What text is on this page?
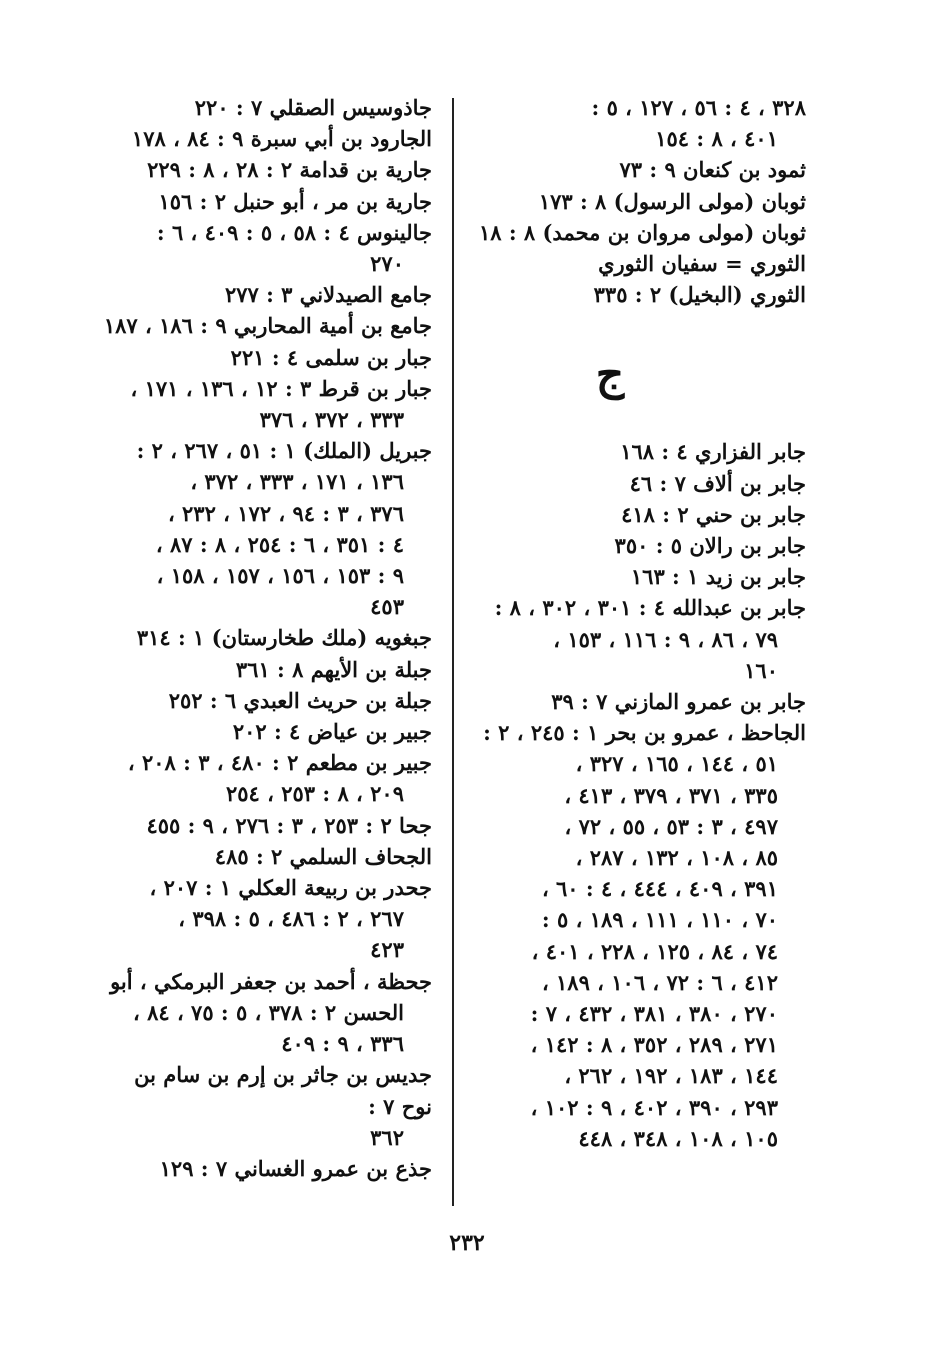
٣٢٨ ، ٤ : ٥٦ ، ١٢٧ ، ٥ :
٤٠١ ، ٨ : ١٥٤
ثمود بن كنعان ٩ : ٧٣
ثوبان (مولى الرسول) ٨ : ١٧٣
ثوبان (مولى مروان بن محمد) ٨ : ١٨
الثوري = سفيان الثوري
الثوري (البخيل) ٢ : ٣٣٥
ج
جابر الفزاري ٤ : ١٦٨
جابر بن ألاف ٧ : ٤٦
جابر بن حني ٢ : ٤١٨
جابر بن رالان ٥ : ٣٥٠
جابر بن زيد ١ : ١٦٣
جابر بن عبدالله ٤ : ٣٠١ ، ٣٠٢ ، ٨ :
٧٩ ، ٨٦ ، ٩ : ١١٦ ، ١٥٣ ،
١٦٠
جابر بن عمرو المازني ٧ : ٣٩
الجاحظ ، عمرو بن بحر ١ : ٢٤٥ ، ٢ :
٥١ ، ١٤٤ ، ١٦٥ ، ٣٢٧ ،
٣٣٥ ، ٣٧١ ، ٣٧٩ ، ٤١٣ ،
٤٩٧ ، ٣ : ٥٣ ، ٥٥ ، ٧٢ ،
٨٥ ، ١٠٨ ، ١٣٢ ، ٢٨٧ ،
٣٩١ ، ٤٠٩ ، ٤٤٤ ، ٤ : ٦٠ ،
٧٠ ، ١١٠ ، ١١١ ، ١٨٩ ، ٥ :
٧٤ ، ٨٤ ، ١٢٥ ، ٢٢٨ ، ٤٠١ ،
٤١٢ ، ٦ : ٧٢ ، ١٠٦ ، ١٨٩ ،
٢٧٠ ، ٣٨٠ ، ٣٨١ ، ٤٣٢ ، ٧ :
٢٧١ ، ٢٨٩ ، ٣٥٢ ، ٨ : ١٤٢ ،
١٤٤ ، ١٨٣ ، ١٩٢ ، ٢٦٢ ،
٢٩٣ ، ٣٩٠ ، ٤٠٢ ، ٩ : ١٠٢ ،
١٠٥ ، ١٠٨ ، ٣٤٨ ، ٤٤٨
جاذوسيس الصقلي ٧ : ٢٢٠
الجارود بن أبي سبرة ٩ : ٨٤ ، ١٧٨
جارية بن قدامة ٢ : ٢٨ ، ٨ : ٢٢٩
جارية بن مر ، أبو حنبل ٢ : ١٥٦
جالينوس ٤ : ٥٨ ، ٥ : ٤٠٩ ، ٦ :
٢٧٠
جامع الصيدلاني ٣ : ٢٧٧
جامع بن أمية المحاربي ٩ : ١٨٦ ، ١٨٧
جبار بن سلمى ٤ : ٢٢١
جبار بن قرط ٣ : ١٢ ، ١٣٦ ، ١٧١ ،
٣٣٣ ، ٣٧٢ ، ٣٧٦
جبريل (الملك) ١ : ٥١ ، ٢٦٧ ، ٢ :
١٣٦ ، ١٧١ ، ٣٣٣ ، ٣٧٢ ،
٣٧٦ ، ٣ : ٩٤ ، ١٧٢ ، ٢٣٢ ،
٤ : ٣٥١ ، ٦ : ٢٥٤ ، ٨ : ٨٧ ،
٩ : ١٥٣ ، ١٥٦ ، ١٥٧ ، ١٥٨ ،
٤٥٣
جبغويه (ملك طخارستان) ١ : ٣١٤
جبلة بن الأيهم ٨ : ٣٦١
جبلة بن حريث العبدي ٦ : ٢٥٢
جبير بن عياض ٤ : ٢٠٢
جبير بن مطعم ٢ : ٤٨٠ ، ٣ : ٢٠٨ ،
٢٠٩ ، ٨ : ٢٥٣ ، ٢٥٤
جحا ٢ : ٢٥٣ ، ٣ : ٢٧٦ ، ٩ : ٤٥٥
الجحاف السلمي ٢ : ٤٨٥
جحدر بن ربيعة العكلي ١ : ٢٠٧ ،
٢٦٧ ، ٢ : ٤٨٦ ، ٥ : ٣٩٨ ،
٤٢٣
جحظة ، أحمد بن جعفر البرمكي ، أبو
الحسن ٢ : ٣٧٨ ، ٥ : ٧٥ ، ٨٤ ،
٣٣٦ ، ٩ : ٤٠٩
جديس بن جاثر بن إرم بن سام بن نوح ٧ :
٣٦٢
جذع بن عمرو الغساني ٧ : ١٢٩
٢٣٢
